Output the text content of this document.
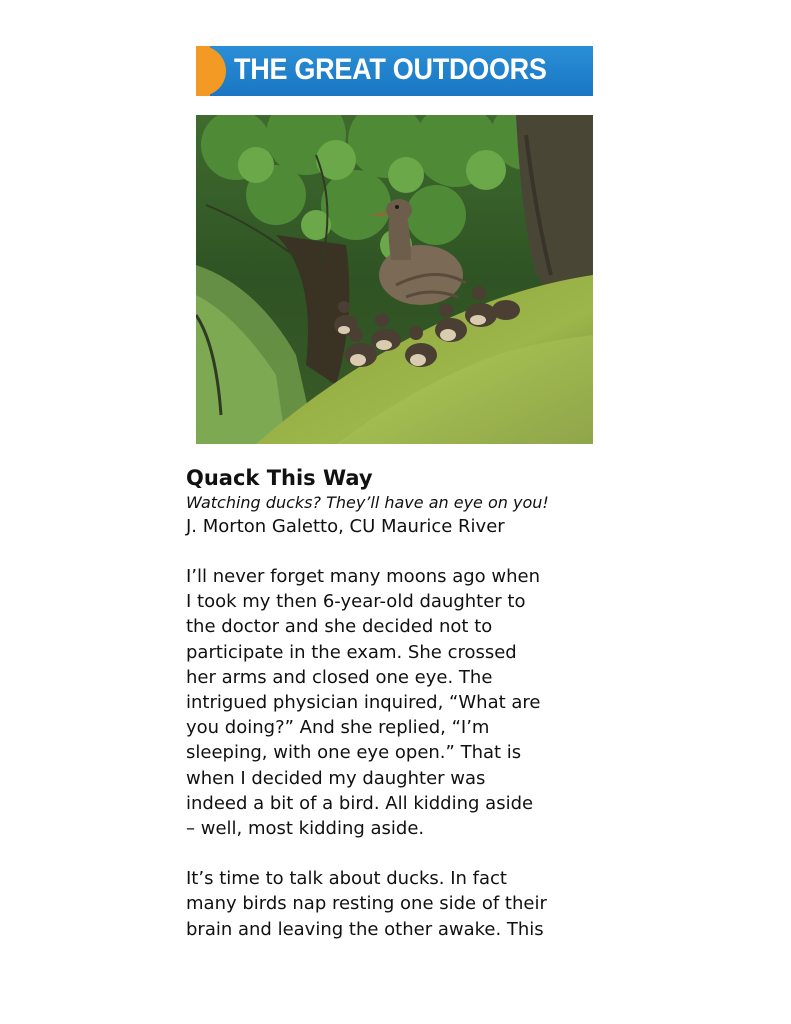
THE GREAT OUTDOORS
Quack This Way

Watching ducks? They’ll have an eye on you!

J. Morton Galetto, CU Maurice River

I’ll never forget many moons ago when
I took my then 6-year-old daughter to
the doctor and she decided not to
participate in the exam. She crossed
her arms and closed one eye. The
intrigued physician inquired, “What are
you doing?” And she replied, “I’m
sleeping, with one eye open.” That is
when I decided my daughter was
indeed a bit of a bird. All kidding aside
– well, most kidding aside.

It’s time to talk about ducks. In fact
many birds nap resting one side of their
brain and leaving the other awake. This
